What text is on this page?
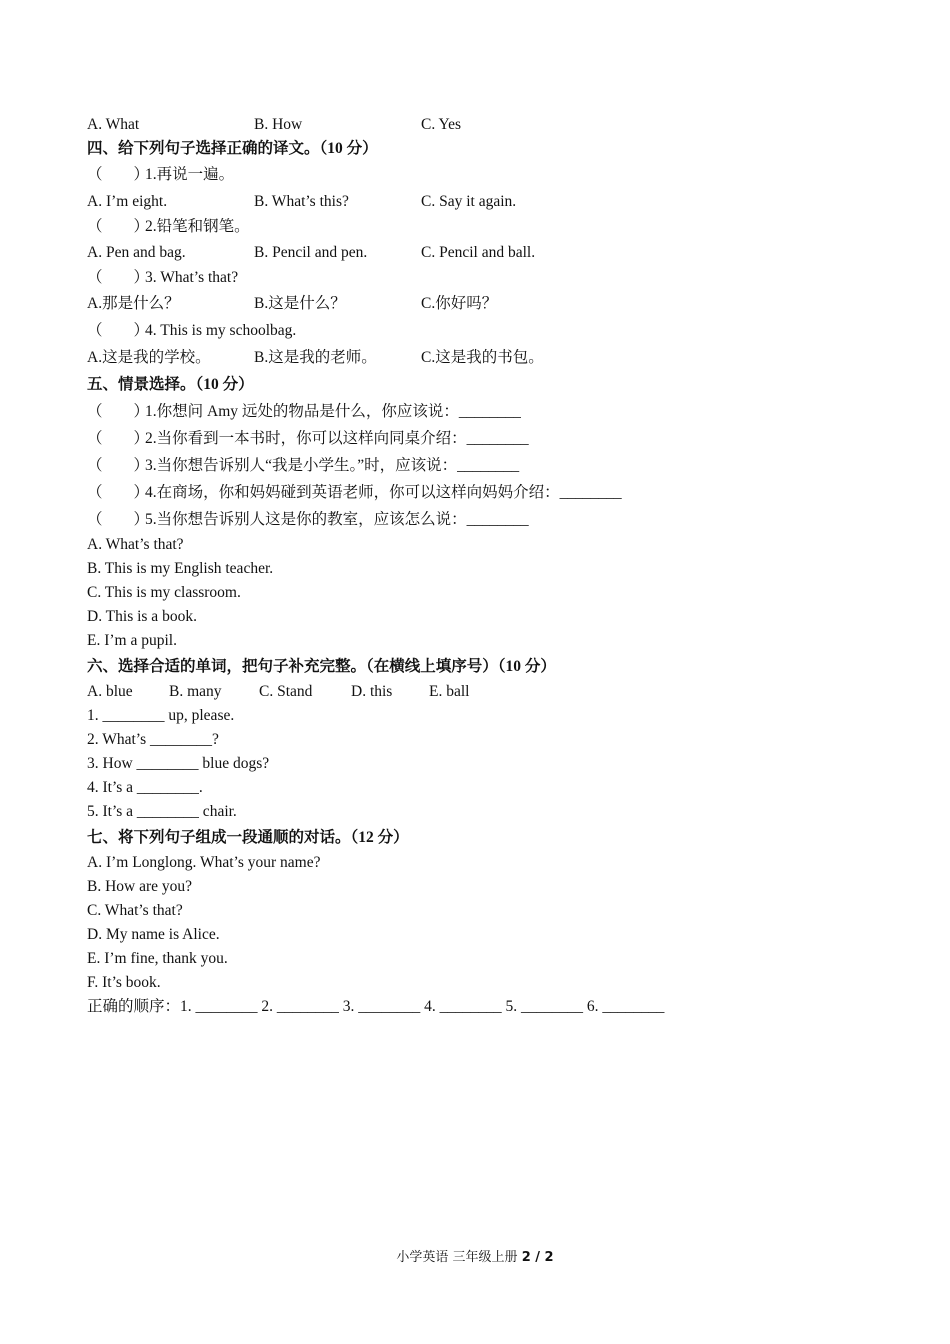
A. What	B. How	C. Yes
四、给下列句子选择正确的译文。（10 分）
（　　）1.再说一遍。
A. I’m eight.	B. What’s this?	C. Say it again.
（　　）2.铅笔和钢笔。
A. Pen and bag.	B. Pencil and pen.	C. Pencil and ball.
（　　）3. What’s that?
A.那是什么？	B.这是什么？	C.你好吗？
（　　）4. This is my schoolbag.
A.这是我的学校。	B.这是我的老师。	C.这是我的书包。
五、情景选择。（10 分）
（　　）1.你想问 Amy 远处的物品是什么，你应该说：________
（　　）2.当你看到一本书时，你可以这样向同桌介绍：________
（　　）3.当你想告诉别人“我是小学生。”时，应该说：________
（　　）4.在商场，你和妈妈碰到英语老师，你可以这样向妈妈介绍：________
（　　）5.当你想告诉别人这是你的教室，应该怎么说：________
A. What’s that?
B. This is my English teacher.
C. This is my classroom.
D. This is a book.
E. I’m a pupil.
六、选择合适的单词，把句子补充完整。（在横线上填序号）（10 分）
A. blue	B. many	C. Stand	D. this	E. ball
1. ________ up, please.
2. What’s ________?
3. How ________ blue dogs?
4. It’s a ________.
5. It’s a ________ chair.
七、将下列句子组成一段通顺的对话。（12 分）
A. I’m Longlong. What’s your name?
B. How are you?
C. What’s that?
D. My name is Alice.
E. I’m fine, thank you.
F. It’s book.
正确的顺序：1. ________ 2. ________ 3. ________ 4. ________ 5. ________ 6. ________
小学英语 三年级上册 2 / 2
